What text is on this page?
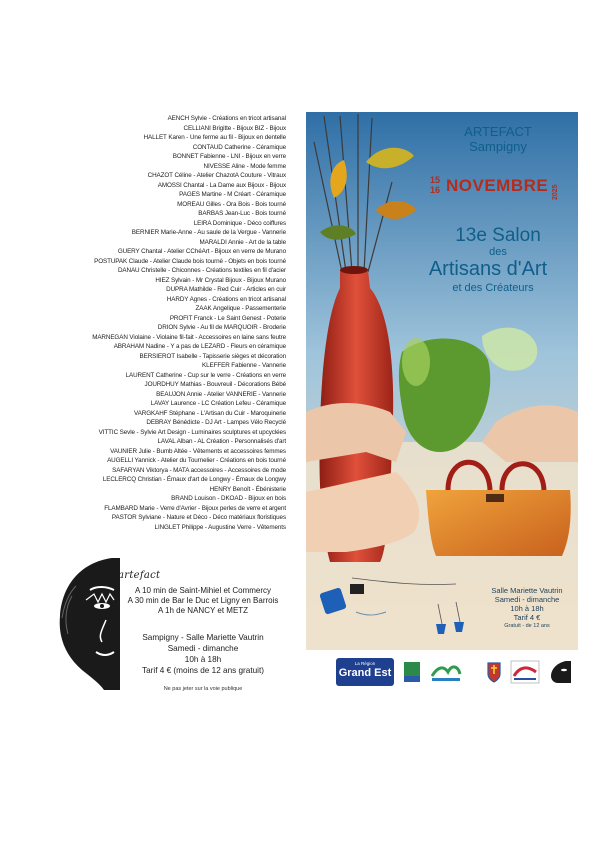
AENCH Sylvie - Créations en tricot artisanal
CELLIANI Brigitte - Bijoux BIZ - Bijoux
HALLET Karen - Une ferme au fil - Bijoux en dentelle
CONTAUD Catherine - Céramique
BONNET Fabienne - LNI - Bijoux en verre
NIVESSE Aline - Mode femme
CHAZOT Céline - Atelier ChazotA Couture - Vitraux
AMOSSI Chantal - La Dame aux Bijoux - Bijoux
PAGES Martine - M Créart - Céramique
MOREAU Gilles - Ora Bois - Bois tourné
BARBAS Jean-Luc - Bois tourné
LEIRA Dominique - Déco coiffures
BERNIER Marie-Anne - Au saule de la Vergue - Vannerie
MARALDI Annie - Art de la table
GUERY Chantal - Atelier CChéArt - Bijoux en verre de Murano
POSTUPAK Claude - Atelier Claude bois tourné - Objets en bois tourné
DANAU Christelle - Chiconnes - Créations textiles en fil d'acier
HIEZ Sylvain - Mr Crystal Bijoux - Bijoux Murano
DUPRA Mathilde - Red Cuir - Articles en cuir
HARDY Agnes - Créations en tricot artisanal
ZAAK Angelique - Passementerie
PROFIT Franck - Le Saint Genest - Poterie
DRION Sylvie - Au fil de MARQUOIR - Broderie
MARNEGAN Violaine - Violaine fil-fait - Accessoires en laine sans feutre
ABRAHAM Nadine - Y a pas de LEZARD - Fleurs en céramique
BERSIEROT Isabelle - Tapisserie sièges et décoration
KLEFFER Fabienne - Vannerie
LAURENT Catherine - Cup sur le verre - Créations en verre
JOURDHUY Mathias - Bouvreuil - Décorations Bébé
BEAUJON Annie - Atelier VANNERIE - Vannerie
LAVAY Laurence - LC Création Lefeu - Céramique
VARGKAHF Stéphane - L'Artisan du Cuir - Maroquinerie
DEBRAY Bénédicte - DJ Art - Lampes Vélo Recyclé
VITTIC Sevle - Sylvie Art Design - Luminaires sculptures et upcyclées
LAVAL Alban - AL Création - Personnalisés d'art
VAUNIER Julie - Bumb Altée - Vêtements et accessoires femmes
AUGELLI Yannick - Atelier du Tournelier - Créations en bois tourné
SAFARYAN Viktorya - MATA accessoires - Accessoires de mode
LECLERCQ Christian - Émaux d'art de Longwy - Émaux de Longwy
HENRY Benoît - Ébénisterie
BRAND Louison - DKOAD - Bijoux en bois
FLAMBARD Marie - Verre d'Avrier - Bijoux perles de verre et argent
PASTOR Sylviane - Nature et Déco - Déco matériaux floristiques
LINGLET Philippe - Augustine Verre - Vêtements
artefact
A 10 min de Saint-Mihiel et Commercy
A 30 min de Bar le Duc et Ligny en Barrois
A 1h de NANCY et METZ
Sampigny - Salle Mariette Vautrin
Samedi - dimanche
10h à 18h
Tarif 4 € (moins de 12 ans gratuit)
Ne pas jeter sur la voie publique
ARTEFACT
Sampigny
15
16 NOVEMBRE 2025
13e Salon
des
Artisans d'Art
et des Créateurs
Salle Mariette Vautrin
Samedi - dimanche
10h à 18h
Tarif 4 €
Gratuit - de 12 ans
La Région
Grand Est
